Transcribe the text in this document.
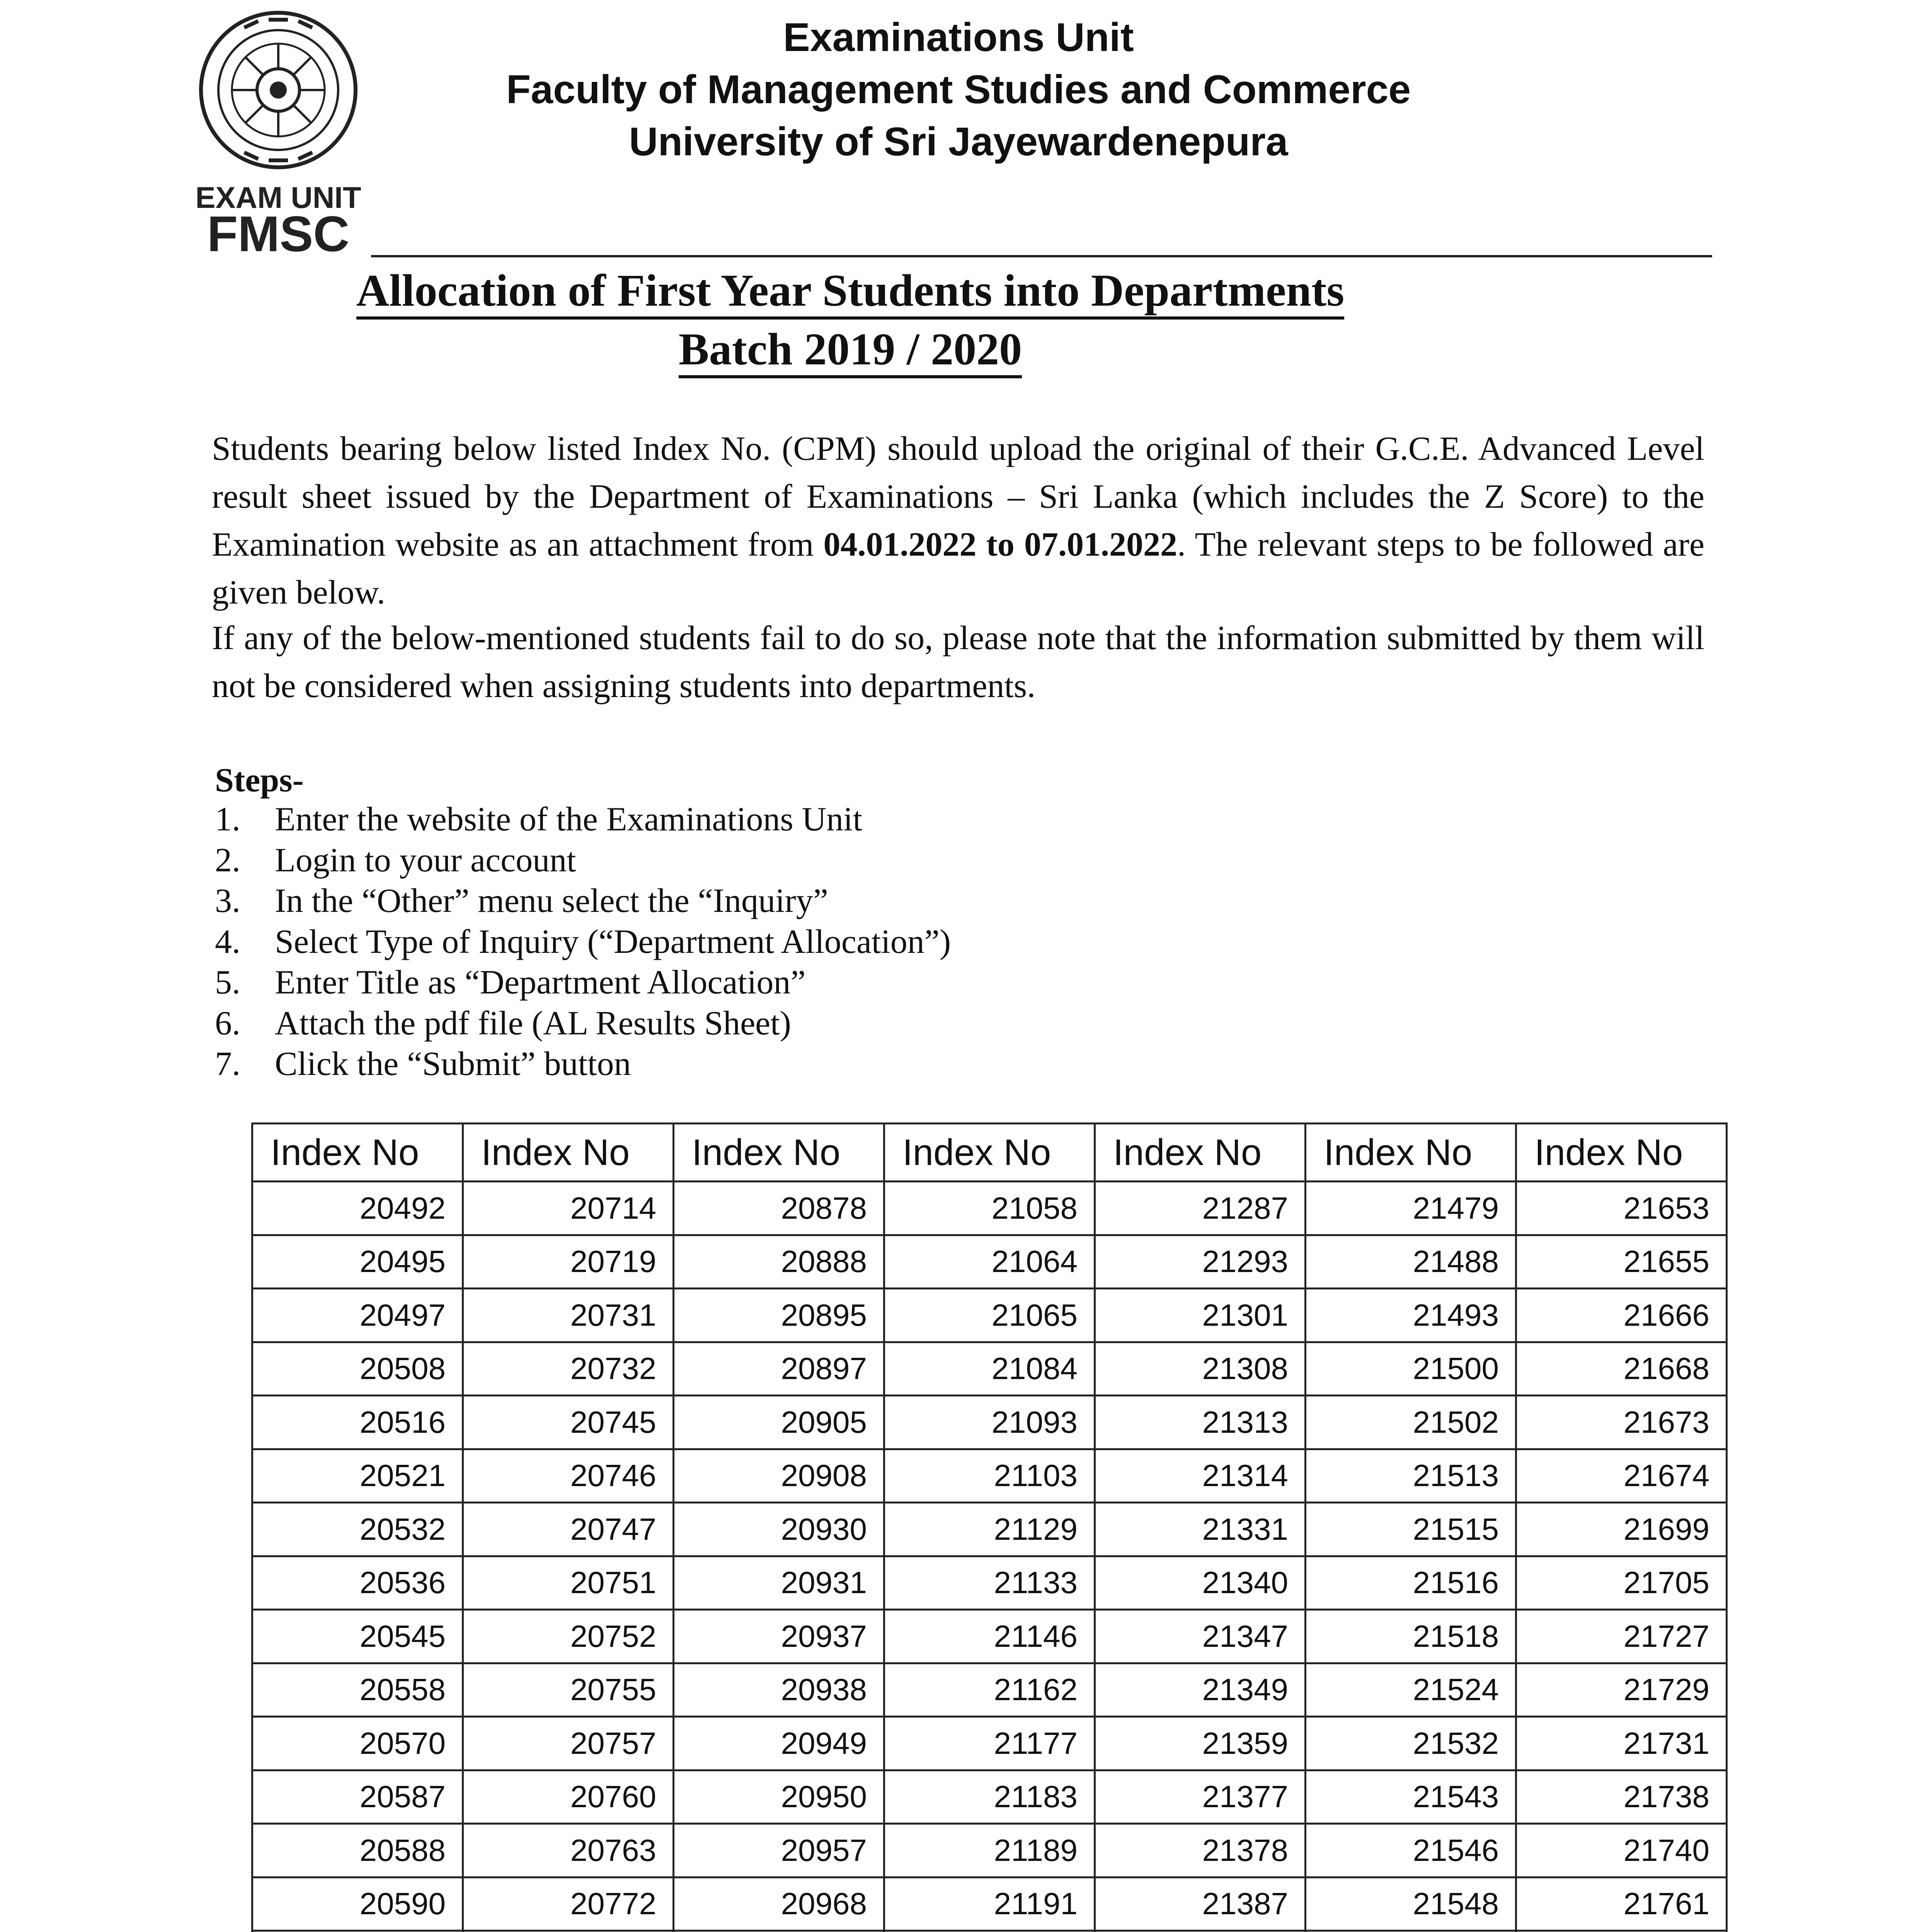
EXAM UNIT
FMSC
Examinations Unit
Faculty of Management Studies and Commerce
University of Sri Jayewardenepura
Allocation of First Year Students into Departments
Batch 2019 / 2020

Students bearing below listed Index No. (CPM) should upload the original of their G.C.E. Advanced Level result sheet issued by the Department of Examinations – Sri Lanka (which includes the Z Score) to the Examination website as an attachment from 04.01.2022 to 07.01.2022. The relevant steps to be followed are given below.

If any of the below-mentioned students fail to do so, please note that the information submitted by them will not be considered when assigning students into departments.
Steps-
1. Enter the website of the Examinations Unit
2. Login to your account
3. In the “Other” menu select the “Inquiry”
4. Select Type of Inquiry (“Department Allocation”)
5. Enter Title as “Department Allocation”
6. Attach the pdf file (AL Results Sheet)
7. Click the “Submit” button
Index No	Index No	Index No	Index No	Index No	Index No	Index No
20492	20714	20878	21058	21287	21479	21653
20495	20719	20888	21064	21293	21488	21655
20497	20731	20895	21065	21301	21493	21666
20508	20732	20897	21084	21308	21500	21668
20516	20745	20905	21093	21313	21502	21673
20521	20746	20908	21103	21314	21513	21674
20532	20747	20930	21129	21331	21515	21699
20536	20751	20931	21133	21340	21516	21705
20545	20752	20937	21146	21347	21518	21727
20558	20755	20938	21162	21349	21524	21729
20570	20757	20949	21177	21359	21532	21731
20587	20760	20950	21183	21377	21543	21738
20588	20763	20957	21189	21378	21546	21740
20590	20772	20968	21191	21387	21548	21761
